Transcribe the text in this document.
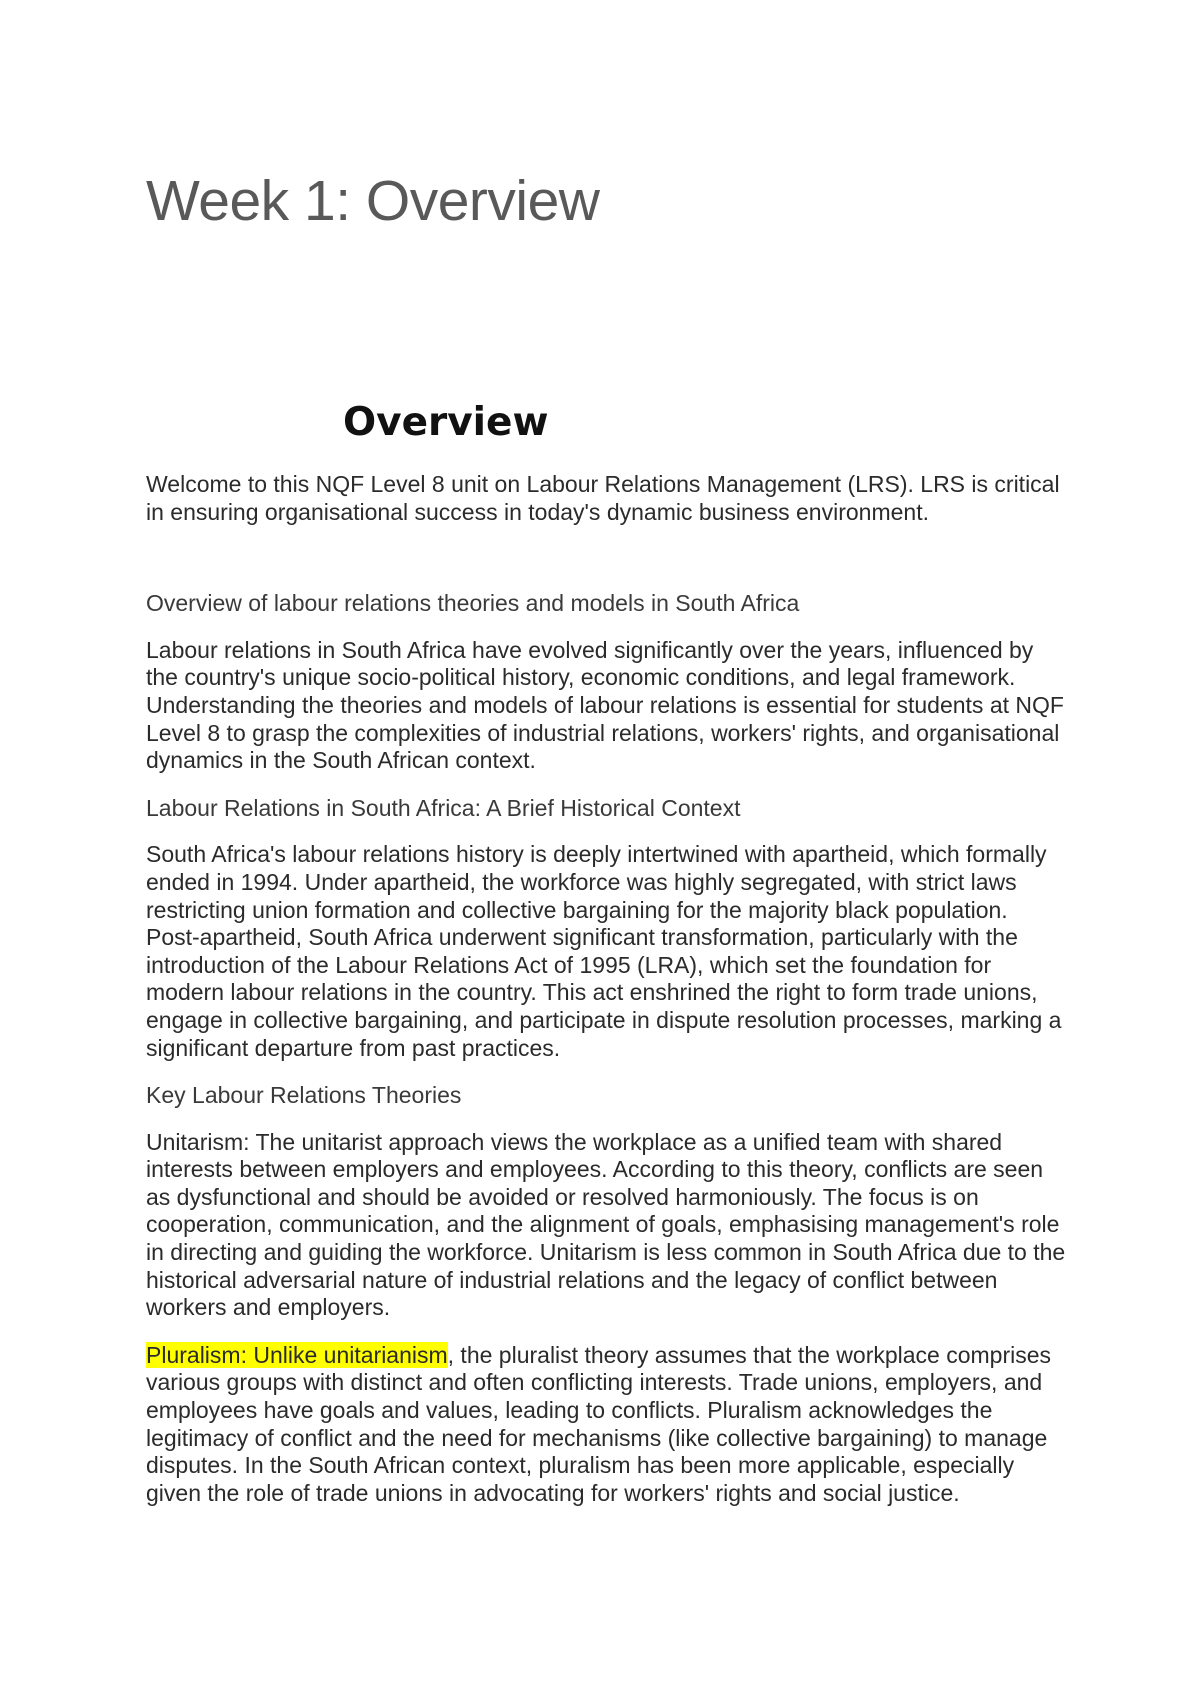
Week 1: Overview
Overview

Welcome to this NQF Level 8 unit on Labour Relations Management (LRS). LRS is critical in ensuring organisational success in today's dynamic business environment.

Overview of labour relations theories and models in South Africa

Labour relations in South Africa have evolved significantly over the years, influenced by the country's unique socio-political history, economic conditions, and legal framework. Understanding the theories and models of labour relations is essential for students at NQF Level 8 to grasp the complexities of industrial relations, workers' rights, and organisational dynamics in the South African context.

Labour Relations in South Africa: A Brief Historical Context

South Africa's labour relations history is deeply intertwined with apartheid, which formally ended in 1994. Under apartheid, the workforce was highly segregated, with strict laws restricting union formation and collective bargaining for the majority black population. Post-apartheid, South Africa underwent significant transformation, particularly with the introduction of the Labour Relations Act of 1995 (LRA), which set the foundation for modern labour relations in the country. This act enshrined the right to form trade unions, engage in collective bargaining, and participate in dispute resolution processes, marking a significant departure from past practices.

Key Labour Relations Theories

Unitarism: The unitarist approach views the workplace as a unified team with shared interests between employers and employees. According to this theory, conflicts are seen as dysfunctional and should be avoided or resolved harmoniously. The focus is on cooperation, communication, and the alignment of goals, emphasising management's role in directing and guiding the workforce. Unitarism is less common in South Africa due to the historical adversarial nature of industrial relations and the legacy of conflict between workers and employers.

Pluralism: Unlike unitarianism, the pluralist theory assumes that the workplace comprises various groups with distinct and often conflicting interests. Trade unions, employers, and employees have goals and values, leading to conflicts. Pluralism acknowledges the legitimacy of conflict and the need for mechanisms (like collective bargaining) to manage disputes. In the South African context, pluralism has been more applicable, especially given the role of trade unions in advocating for workers' rights and social justice.
